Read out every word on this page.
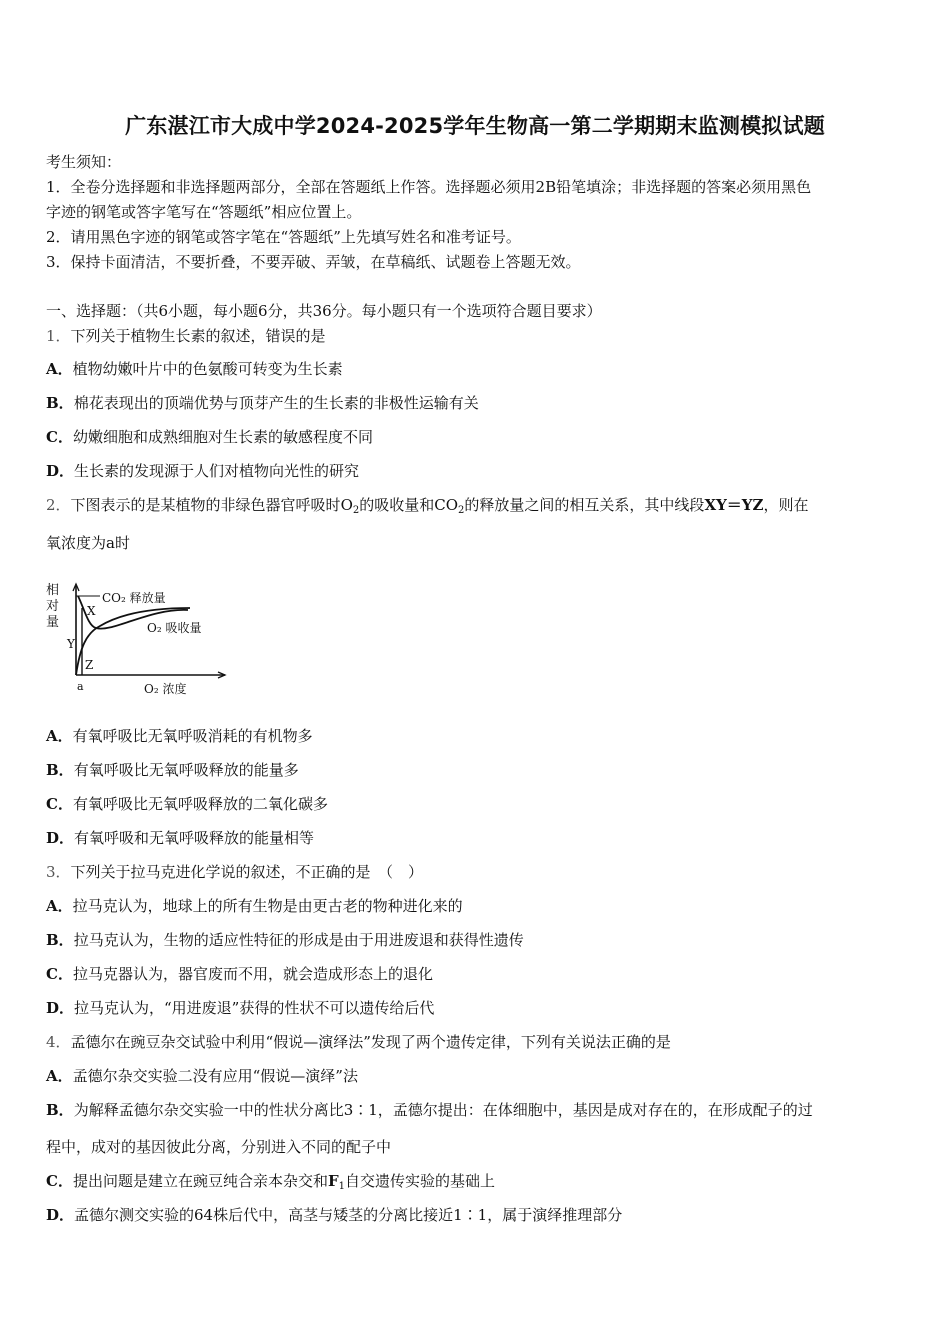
广东湛江市大成中学2024-2025学年生物高一第二学期期末监测模拟试题
考生须知：
1．全卷分选择题和非选择题两部分，全部在答题纸上作答。选择题必须用2B铅笔填涂；非选择题的答案必须用黑色
字迹的钢笔或答字笔写在“答题纸”相应位置上。
2．请用黑色字迹的钢笔或答字笔在“答题纸”上先填写姓名和准考证号。
3．保持卡面清洁，不要折叠，不要弄破、弄皱，在草稿纸、试题卷上答题无效。
一、选择题：（共6小题，每小题6分，共36分。每小题只有一个选项符合题目要求）
1．下列关于植物生长素的叙述，错误的是
A．植物幼嫩叶片中的色氨酸可转变为生长素
B．棉花表现出的顶端优势与顶芽产生的生长素的非极性运输有关
C．幼嫩细胞和成熟细胞对生长素的敏感程度不同
D．生长素的发现源于人们对植物向光性的研究
2．下图表示的是某植物的非绿色器官呼吸时$O_2$的吸收量和$CO_2$的释放量之间的相互关系，其中线段XY＝YZ，则在
氧浓度为a时
相
对
量
CO₂ 释放量
O₂ 吸收量
X
Y
Z
a	O₂ 浓度
A．有氧呼吸比无氧呼吸消耗的有机物多
B．有氧呼吸比无氧呼吸释放的能量多
C．有氧呼吸比无氧呼吸释放的二氧化碳多
D．有氧呼吸和无氧呼吸释放的能量相等
3．下列关于拉马克进化学说的叙述，不正确的是　（　）
A．拉马克认为，地球上的所有生物是由更古老的物种进化来的
B．拉马克认为，生物的适应性特征的形成是由于用进废退和获得性遗传
C．拉马克器认为，器官废而不用，就会造成形态上的退化
D．拉马克认为，“用进废退”获得的性状不可以遗传给后代
4．孟德尔在豌豆杂交试验中利用“假说—演绎法”发现了两个遗传定律，下列有关说法正确的是
A．孟德尔杂交实验二没有应用“假说—演绎”法
B．为解释孟德尔杂交实验一中的性状分离比3∶1，孟德尔提出：在体细胞中，基因是成对存在的，在形成配子的过
程中，成对的基因彼此分离，分别进入不同的配子中
C．提出问题是建立在豌豆纯合亲本杂交和$F_1$自交遗传实验的基础上
D．孟德尔测交实验的64株后代中，高茎与矮茎的分离比接近1∶1，属于演绎推理部分
